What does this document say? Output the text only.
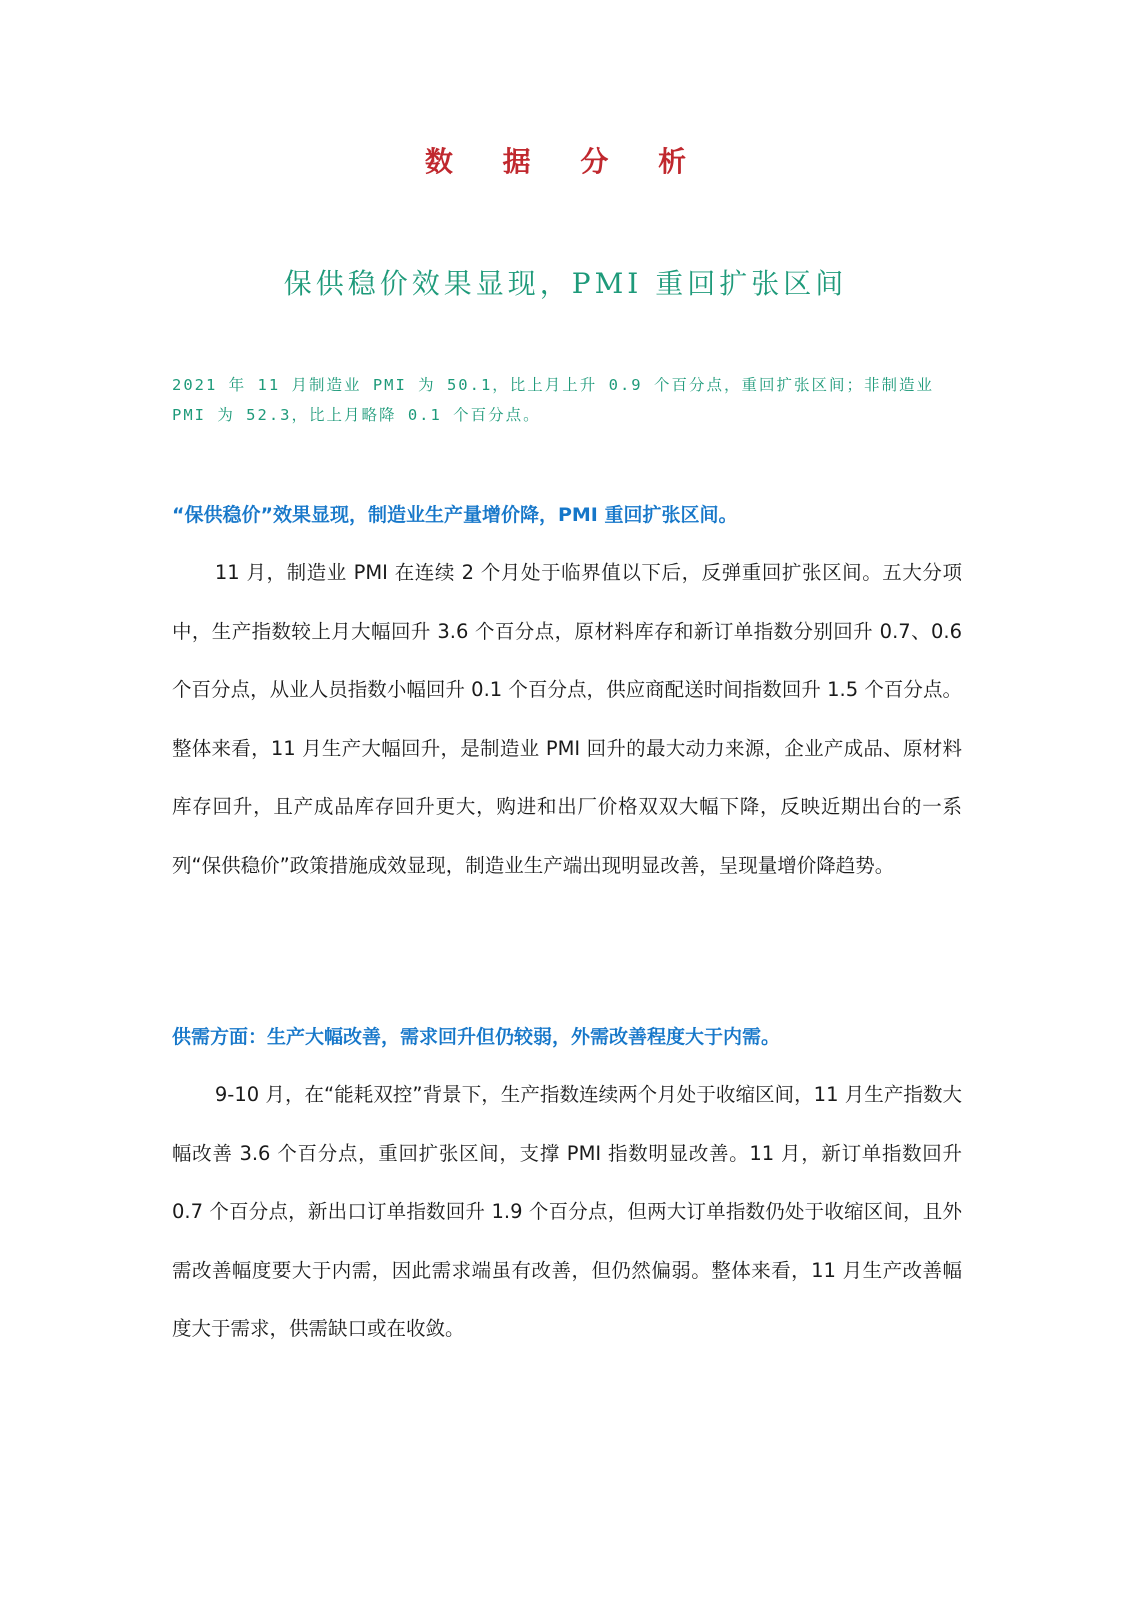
数 据 分 析
保供稳价效果显现，PMI 重回扩张区间
2021 年 11 月制造业 PMI 为 50.1，比上月上升 0.9 个百分点，重回扩张区间；非制造业 PMI 为 52.3，比上月略降 0.1 个百分点。
“保供稳价”效果显现，制造业生产量增价降，PMI 重回扩张区间。
11 月，制造业 PMI 在连续 2 个月处于临界值以下后，反弹重回扩张区间。五大分项中，生产指数较上月大幅回升 3.6 个百分点，原材料库存和新订单指数分别回升 0.7、0.6 个百分点，从业人员指数小幅回升 0.1 个百分点，供应商配送时间指数回升 1.5 个百分点。整体来看，11 月生产大幅回升，是制造业 PMI 回升的最大动力来源，企业产成品、原材料库存回升，且产成品库存回升更大，购进和出厂价格双双大幅下降，反映近期出台的一系列“保供稳价”政策措施成效显现，制造业生产端出现明显改善，呈现量增价降趋势。
供需方面：生产大幅改善，需求回升但仍较弱，外需改善程度大于内需。
9-10 月，在“能耗双控”背景下，生产指数连续两个月处于收缩区间，11 月生产指数大幅改善 3.6 个百分点，重回扩张区间，支撑 PMI 指数明显改善。11 月，新订单指数回升 0.7 个百分点，新出口订单指数回升 1.9 个百分点，但两大订单指数仍处于收缩区间，且外需改善幅度要大于内需，因此需求端虽有改善，但仍然偏弱。整体来看，11 月生产改善幅度大于需求，供需缺口或在收敛。
